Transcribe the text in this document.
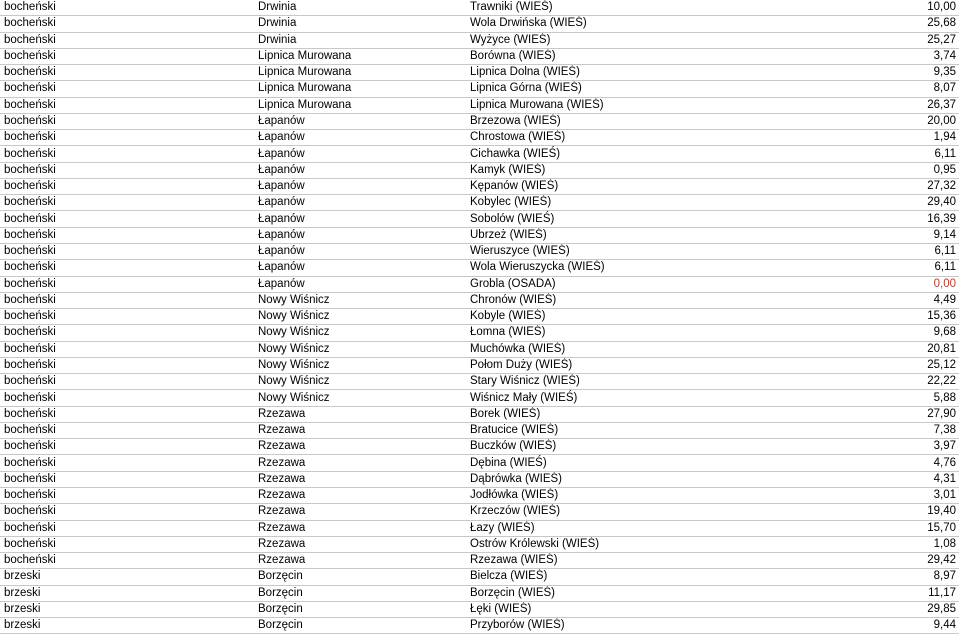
bocheński	Drwinia	Trawniki (WIEŚ)	10,00
bocheński	Drwinia	Wola Drwińska (WIEŚ)	25,68
bocheński	Drwinia	Wyżyce (WIEŚ)	25,27
bocheński	Lipnica Murowana	Borówna (WIEŚ)	3,74
bocheński	Lipnica Murowana	Lipnica Dolna (WIEŚ)	9,35
bocheński	Lipnica Murowana	Lipnica Górna (WIEŚ)	8,07
bocheński	Lipnica Murowana	Lipnica Murowana (WIEŚ)	26,37
bocheński	Łapanów	Brzezowa (WIEŚ)	20,00
bocheński	Łapanów	Chrostowa (WIEŚ)	1,94
bocheński	Łapanów	Cichawka (WIEŚ)	6,11
bocheński	Łapanów	Kamyk (WIEŚ)	0,95
bocheński	Łapanów	Kępanów (WIEŚ)	27,32
bocheński	Łapanów	Kobylec (WIEŚ)	29,40
bocheński	Łapanów	Sobolów (WIEŚ)	16,39
bocheński	Łapanów	Ubrzeż (WIEŚ)	9,14
bocheński	Łapanów	Wieruszyce (WIEŚ)	6,11
bocheński	Łapanów	Wola Wieruszycka (WIEŚ)	6,11
bocheński	Łapanów	Grobla (OSADA)	0,00
bocheński	Nowy Wiśnicz	Chronów (WIEŚ)	4,49
bocheński	Nowy Wiśnicz	Kobyle (WIEŚ)	15,36
bocheński	Nowy Wiśnicz	Łomna (WIEŚ)	9,68
bocheński	Nowy Wiśnicz	Muchówka (WIEŚ)	20,81
bocheński	Nowy Wiśnicz	Połom Duży (WIEŚ)	25,12
bocheński	Nowy Wiśnicz	Stary Wiśnicz (WIEŚ)	22,22
bocheński	Nowy Wiśnicz	Wiśnicz Mały (WIEŚ)	5,88
bocheński	Rzezawa	Borek (WIEŚ)	27,90
bocheński	Rzezawa	Bratucice (WIEŚ)	7,38
bocheński	Rzezawa	Buczków (WIEŚ)	3,97
bocheński	Rzezawa	Dębina (WIEŚ)	4,76
bocheński	Rzezawa	Dąbrówka (WIEŚ)	4,31
bocheński	Rzezawa	Jodłówka (WIEŚ)	3,01
bocheński	Rzezawa	Krzeczów (WIEŚ)	19,40
bocheński	Rzezawa	Łazy (WIEŚ)	15,70
bocheński	Rzezawa	Ostrów Królewski (WIEŚ)	1,08
bocheński	Rzezawa	Rzezawa (WIEŚ)	29,42
brzeski	Borzęcin	Bielcza (WIEŚ)	8,97
brzeski	Borzęcin	Borzęcin (WIEŚ)	11,17
brzeski	Borzęcin	Łęki (WIEŚ)	29,85
brzeski	Borzęcin	Przyborów (WIEŚ)	9,44
